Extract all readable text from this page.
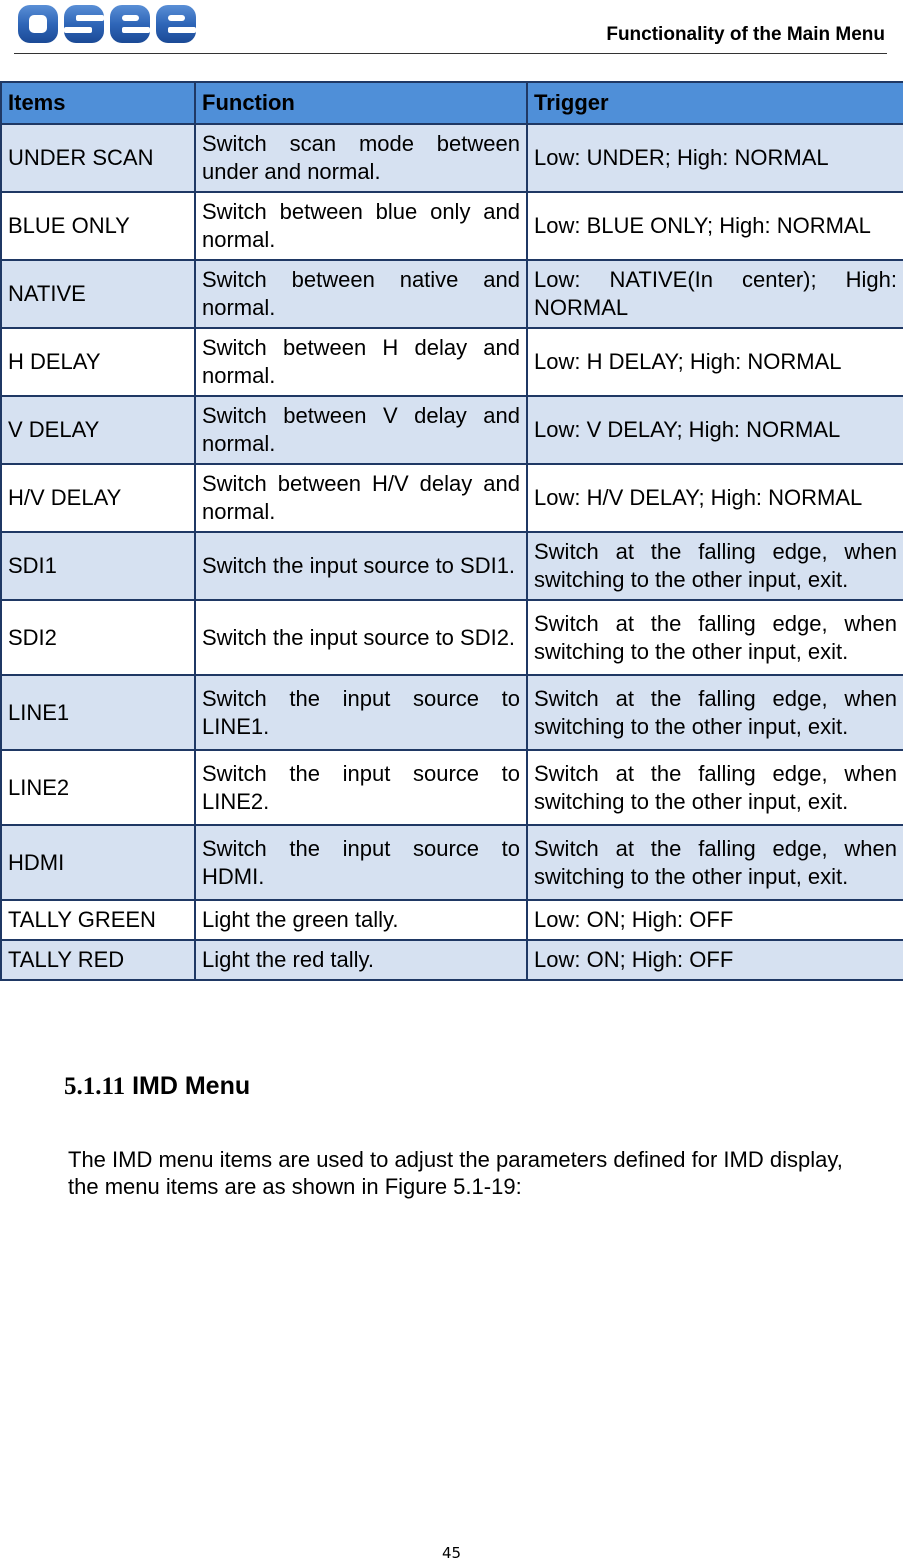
Functionality of the Main Menu
Items	Function	Trigger
UNDER SCAN	Switch scan mode between under and normal.	Low: UNDER; High: NORMAL
BLUE ONLY	Switch between blue only and normal.	Low: BLUE ONLY; High: NORMAL
NATIVE	Switch between native and normal.	Low: NATIVE(In center); High: NORMAL
H DELAY	Switch between H delay and normal.	Low: H DELAY; High: NORMAL
V DELAY	Switch between V delay and normal.	Low: V DELAY; High: NORMAL
H/V DELAY	Switch between H/V delay and normal.	Low: H/V DELAY; High: NORMAL
SDI1	Switch the input source to SDI1.	Switch at the falling edge, when switching to the other input, exit.
SDI2	Switch the input source to SDI2.	Switch at the falling edge, when switching to the other input, exit.
LINE1	Switch the input source to LINE1.	Switch at the falling edge, when switching to the other input, exit.
LINE2	Switch the input source to LINE2.	Switch at the falling edge, when switching to the other input, exit.
HDMI	Switch the input source to HDMI.	Switch at the falling edge, when switching to the other input, exit.
TALLY GREEN	Light the green tally.	Low: ON; High: OFF
TALLY RED	Light the red tally.	Low: ON; High: OFF
5.1.11 IMD Menu

The IMD menu items are used to adjust the parameters defined for IMD display, the menu items are as shown in Figure 5.1-19:

45
